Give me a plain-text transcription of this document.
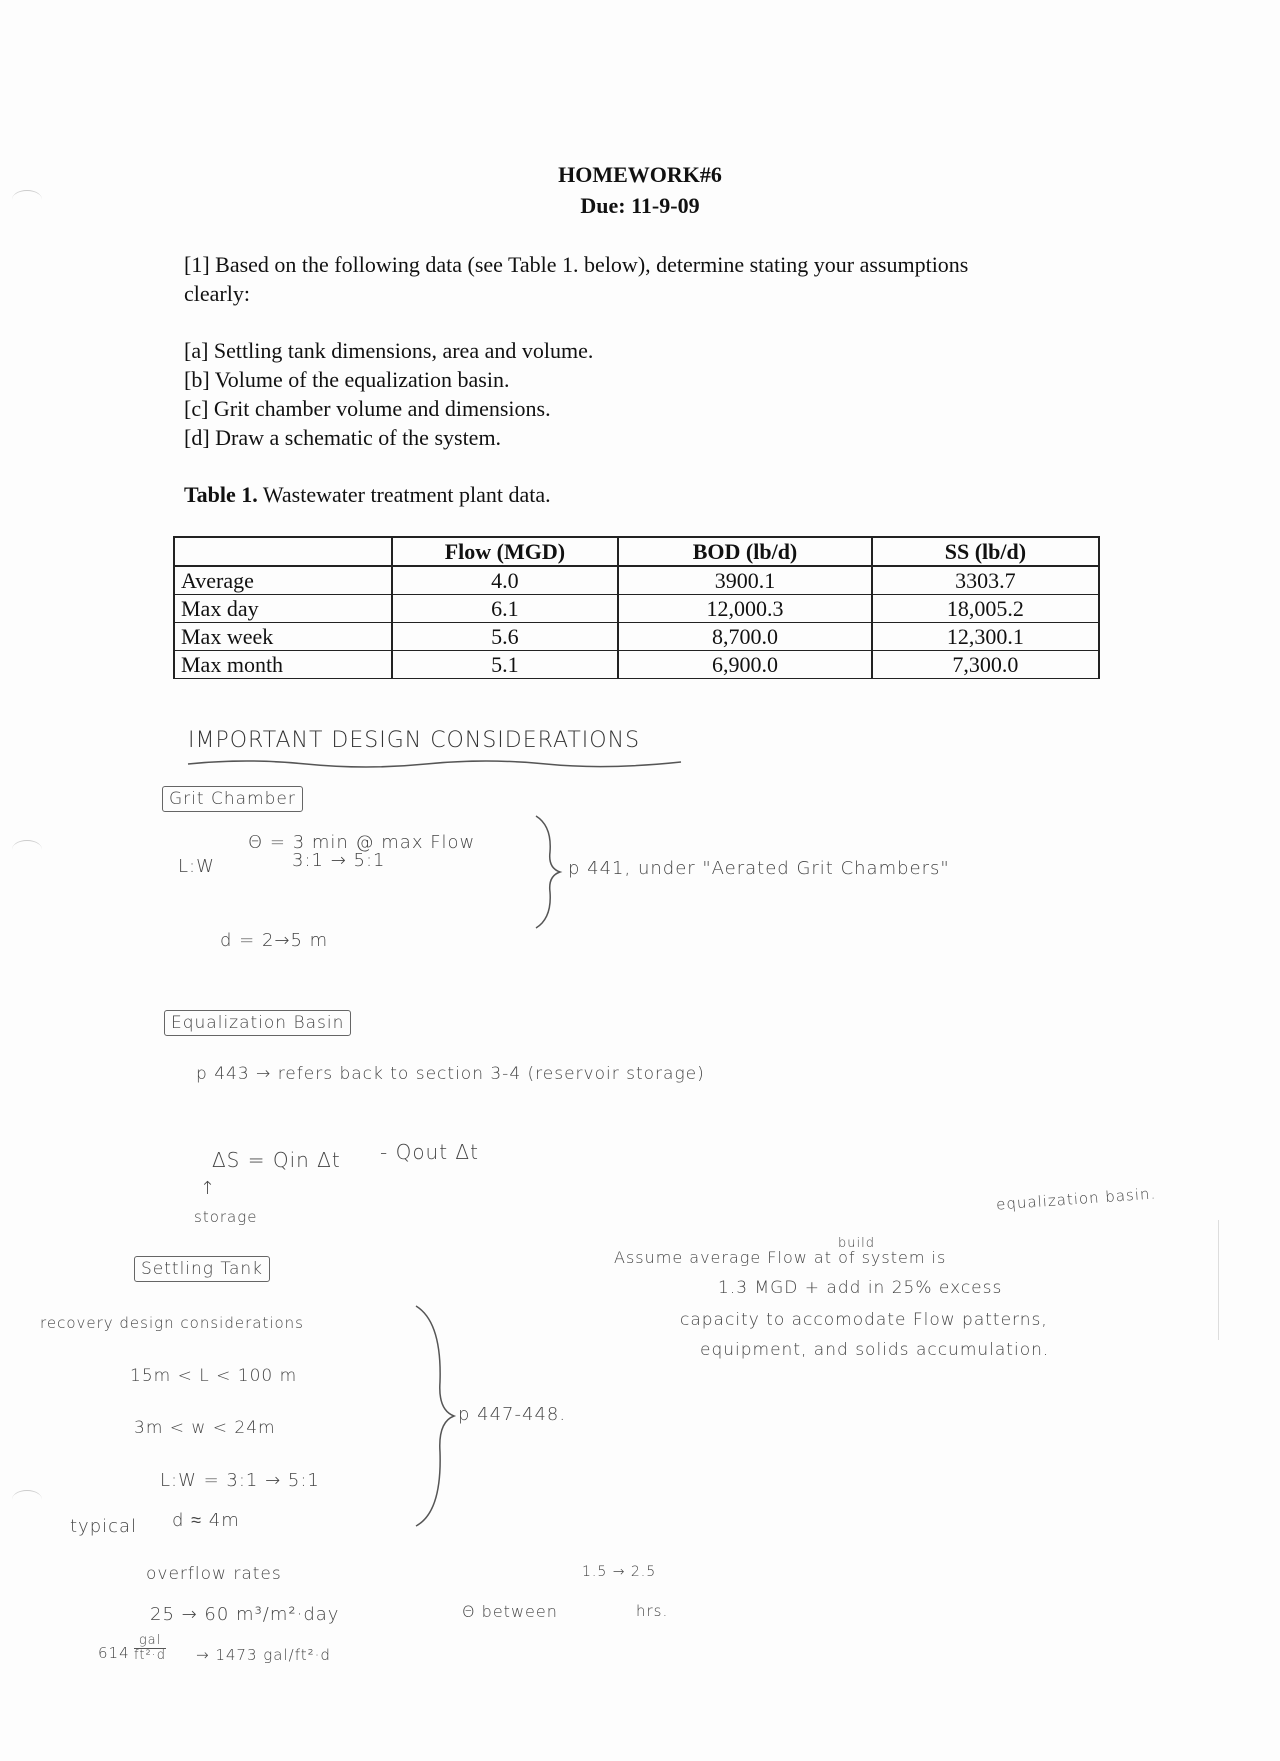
HOMEWORK#6
Due: 11-9-09
[1] Based on the following data (see Table 1. below), determine stating your assumptions
clearly:
[a] Settling tank dimensions, area and volume.
[b] Volume of the equalization basin.
[c] Grit chamber volume and dimensions.
[d] Draw a schematic of the system.
Table 1. Wastewater treatment plant data.
	Flow (MGD)	BOD (lb/d)	SS (lb/d)
Average	4.0	3900.1	3303.7
Max day	6.1	12,000.3	18,005.2
Max week	5.6	8,700.0	12,300.1
Max month	5.1	6,900.0	7,300.0
IMPORTANT DESIGN CONSIDERATIONS
Grit Chamber
Θ = 3 min @ max Flow
L:W	3:1 → 5:1
d = 2→5 m
p 441, under "Aerated Grit Chambers"
Equalization Basin
p 443 → refers back to section 3-4 (reservoir storage)
ΔS = Qin Δt - Qout Δt
↑
storage
equalization basin.
build
Assume average Flow at of system is
1.3 MGD + add in 25% excess
capacity to accomodate Flow patterns,
equipment, and solids accumulation.
Settling Tank
recovery design considerations
15m < L < 100 m
3m < w < 24m
L:W = 3:1 → 5:1
typical d ≈ 4m
p 447-448.
overflow rates
25 → 60 m³/m²·day
614
gal
ft²·d → 1473 gal/ft²·d
Θ between
1.5 → 2.5
hrs.
